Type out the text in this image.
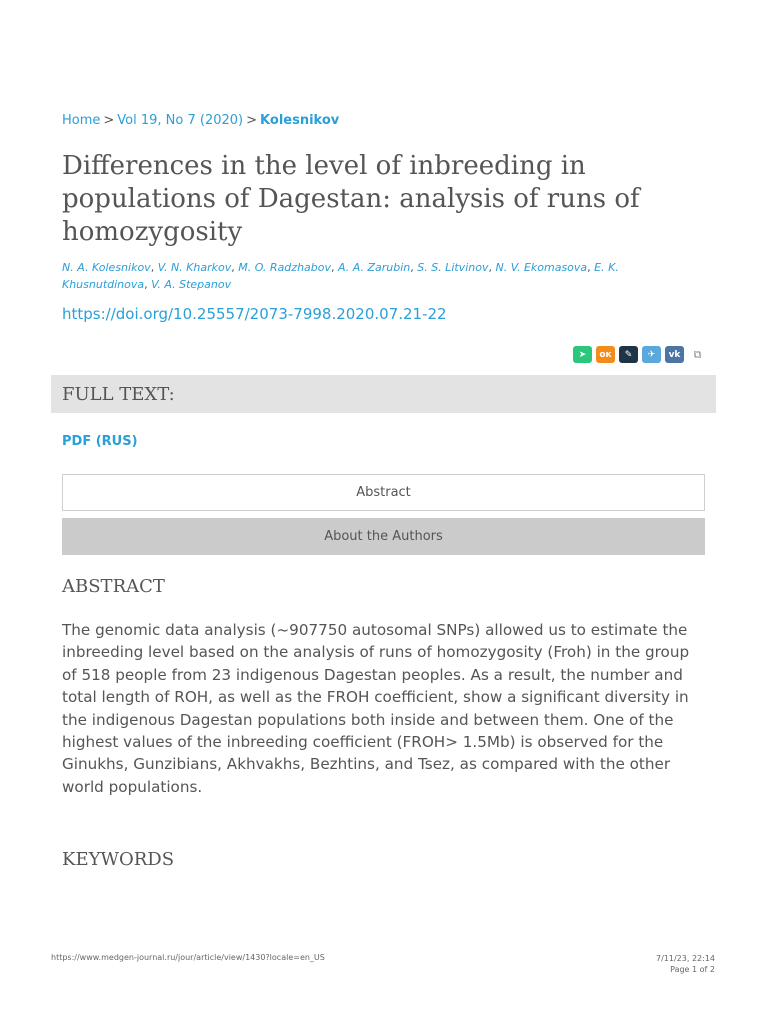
Home > Vol 19, No 7 (2020) > Kolesnikov
Differences in the level of inbreeding in populations of Dagestan: analysis of runs of homozygosity
N. A. Kolesnikov, V. N. Kharkov, M. O. Radzhabov, A. A. Zarubin, S. S. Litvinov, N. V. Ekomasova, E. K. Khusnutdinova, V. A. Stepanov
https://doi.org/10.25557/2073-7998.2020.07.21-22
➤	ок	✎	✈	vk	⧉
FULL TEXT:
PDF (RUS)
Abstract
About the Authors
ABSTRACT

The genomic data analysis (~907750 autosomal SNPs) allowed us to estimate the inbreeding level based on the analysis of runs of homozygosity (Froh) in the group of 518 people from 23 indigenous Dagestan peoples. As a result, the number and total length of ROH, as well as the FROH coefficient, show a significant diversity in the indigenous Dagestan populations both inside and between them. One of the highest values of the inbreeding coefficient (FROH> 1.5Mb) is observed for the Ginukhs, Gunzibians, Akhvakhs, Bezhtins, and Tsez, as compared with the other world populations.

KEYWORDS
https://www.medgen-journal.ru/jour/article/view/1430?locale=en_US	7/11/23, 22:14
Page 1 of 2
